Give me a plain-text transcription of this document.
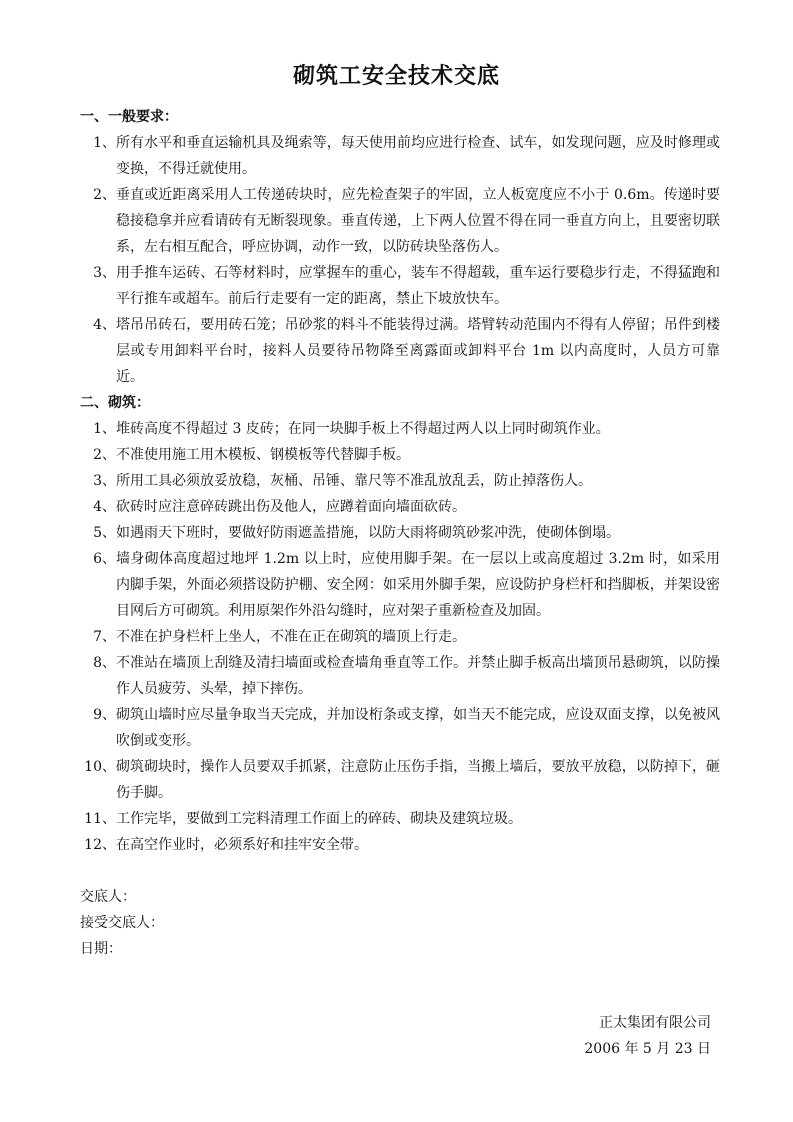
砌筑工安全技术交底
一、一般要求：
1、 所有水平和垂直运输机具及绳索等，每天使用前均应进行检查、试车，如发现问题，应及时修理或变换，不得迁就使用。
2、 垂直或近距离采用人工传递砖块时，应先检查架子的牢固，立人板宽度应不小于 0.6m。传递时要稳接稳拿并应看请砖有无断裂现象。垂直传递，上下两人位置不得在同一垂直方向上，且要密切联系，左右相互配合，呼应协调，动作一致，以防砖块坠落伤人。
3、 用手推车运砖、石等材料时，应掌握车的重心，装车不得超载，重车运行要稳步行走，不得猛跑和平行推车或超车。前后行走要有一定的距离，禁止下坡放快车。
4、 塔吊吊砖石，要用砖石笼；吊砂浆的料斗不能装得过满。塔臂转动范围内不得有人停留；吊件到楼层或专用卸料平台时，接料人员要待吊物降至离露面或卸料平台 1m 以内高度时，人员方可靠近。
二、砌筑：
1、 堆砖高度不得超过 3 皮砖；在同一块脚手板上不得超过两人以上同时砌筑作业。
2、 不准使用施工用木模板、钢模板等代替脚手板。
3、 所用工具必须放妥放稳，灰桶、吊锤、靠尺等不准乱放乱丢，防止掉落伤人。
4、 砍砖时应注意碎砖跳出伤及他人，应蹲着面向墙面砍砖。
5、 如遇雨天下班时，要做好防雨遮盖措施，以防大雨将砌筑砂浆冲洗，使砌体倒塌。
6、 墙身砌体高度超过地坪 1.2m 以上时，应使用脚手架。在一层以上或高度超过 3.2m 时，如采用内脚手架，外面必须搭设防护棚、安全网：如采用外脚手架，应设防护身栏杆和挡脚板，并架设密目网后方可砌筑。利用原架作外沿勾缝时，应对架子重新检查及加固。
7、 不准在护身栏杆上坐人，不准在正在砌筑的墙顶上行走。
8、 不准站在墙顶上刮缝及清扫墙面或检查墙角垂直等工作。并禁止脚手板高出墙顶吊悬砌筑，以防操作人员疲劳、头晕，掉下摔伤。
9、 砌筑山墙时应尽量争取当天完成，并加设桁条或支撑，如当天不能完成，应设双面支撑，以免被风吹倒或变形。
10、 砌筑砌块时，操作人员要双手抓紧，注意防止压伤手指，当搬上墙后，要放平放稳，以防掉下，砸伤手脚。
11、 工作完毕，要做到工完料清理工作面上的碎砖、砌块及建筑垃圾。
12、 在高空作业时，必须系好和挂牢安全带。
交底人：
接受交底人：
日期：
正太集团有限公司
2006 年 5 月 23 日
